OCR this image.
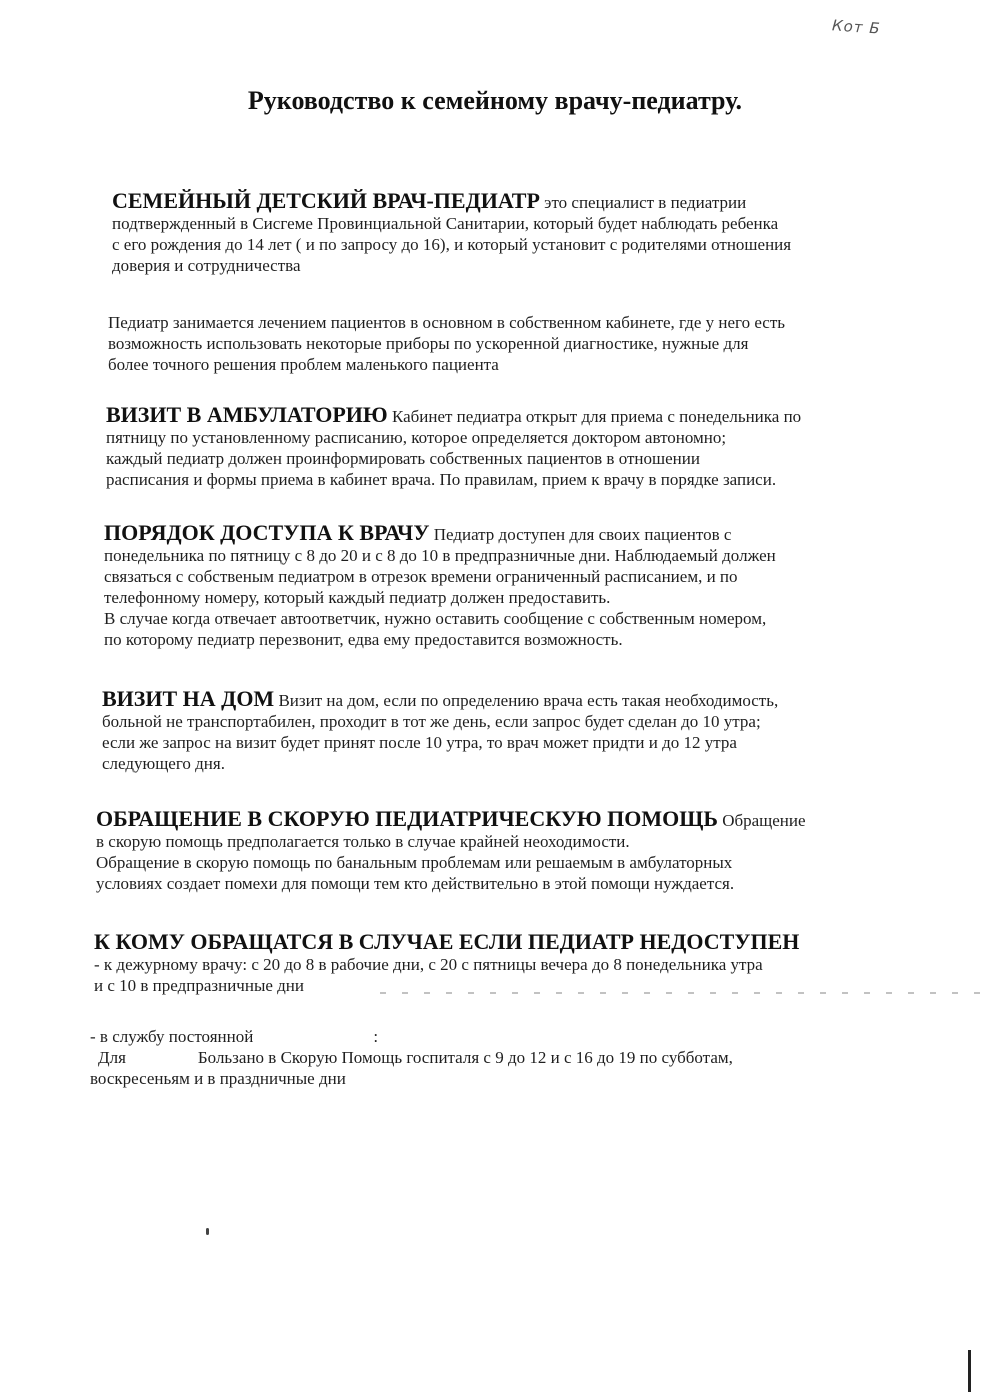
Кот Б
Руководство к семейному врачу-педиатру.
СЕМЕЙНЫЙ ДЕТСКИЙ ВРАЧ-ПЕДИАТР это специалист в педиатрии
подтвержденный в Сисгеме Провинциальной Санитарии, который будет наблюдать ребенка
с его рождения до 14 лет ( и по запросу до 16), и который установит с родителями отношения
доверия и сотрудничества
Педиатр занимается лечением пациентов в основном в собственном кабинете, где у него есть
возможность использовать некоторые приборы по ускоренной диагностике, нужные для
более точного решения проблем маленького пациента
ВИЗИТ В АМБУЛАТОРИЮ Кабинет педиатра открыт для приема с понедельника по
пятницу по установленному расписанию, которое определяется доктором автономно;
каждый педиатр должен проинформировать собственных пациентов в отношении
расписания и формы приема в кабинет врача. По правилам, прием к врачу в порядке записи.
ПОРЯДОК ДОСТУПА К ВРАЧУ Педиатр доступен для своих пациентов с
понедельника по пятницу с 8 до 20 и с 8 до 10 в предпразничные дни. Наблюдаемый должен
связаться с собственым педиатром в отрезок времени ограниченный расписанием, и по
телефонному номеру, который каждый педиатр должен предоставить.
В случае когда отвечает автоответчик, нужно оставить сообщение с собственным номером,
по которому педиатр перезвонит, едва ему предоставится возможность.
ВИЗИТ НА ДОМ Визит на дом, если по определению врача есть такая необходимость,
больной не транспортабилен, проходит в тот же день, если запрос будет сделан до 10 утра;
если же запрос на визит будет принят после 10 утра, то врач может придти и до 12 утра
следующего дня.
ОБРАЩЕНИЕ В СКОРУЮ ПЕДИАТРИЧЕСКУЮ ПОМОЩЬ Обращение
в скорую помощь предполагается только в случае крайней неоходимости.
Обращение в скорую помощь по банальным проблемам или решаемым в амбулаторных
условиях создает помехи для помощи тем кто действительно в этой помощи нуждается.
К КОМУ ОБРАЩАТСЯ В СЛУЧАЕ ЕСЛИ ПЕДИАТР НЕДОСТУПЕН
- к дежурному врачу: с 20 до 8 в рабочие дни, с 20 с пятницы вечера до 8 понедельника утра
и с 10 в предпразничные дни
- в службу постоянной	:
Для	Бользано в Скорую Помощь госпиталя с 9 до 12 и с 16 до 19 по субботам,
воскресеньям и в праздничные дни
